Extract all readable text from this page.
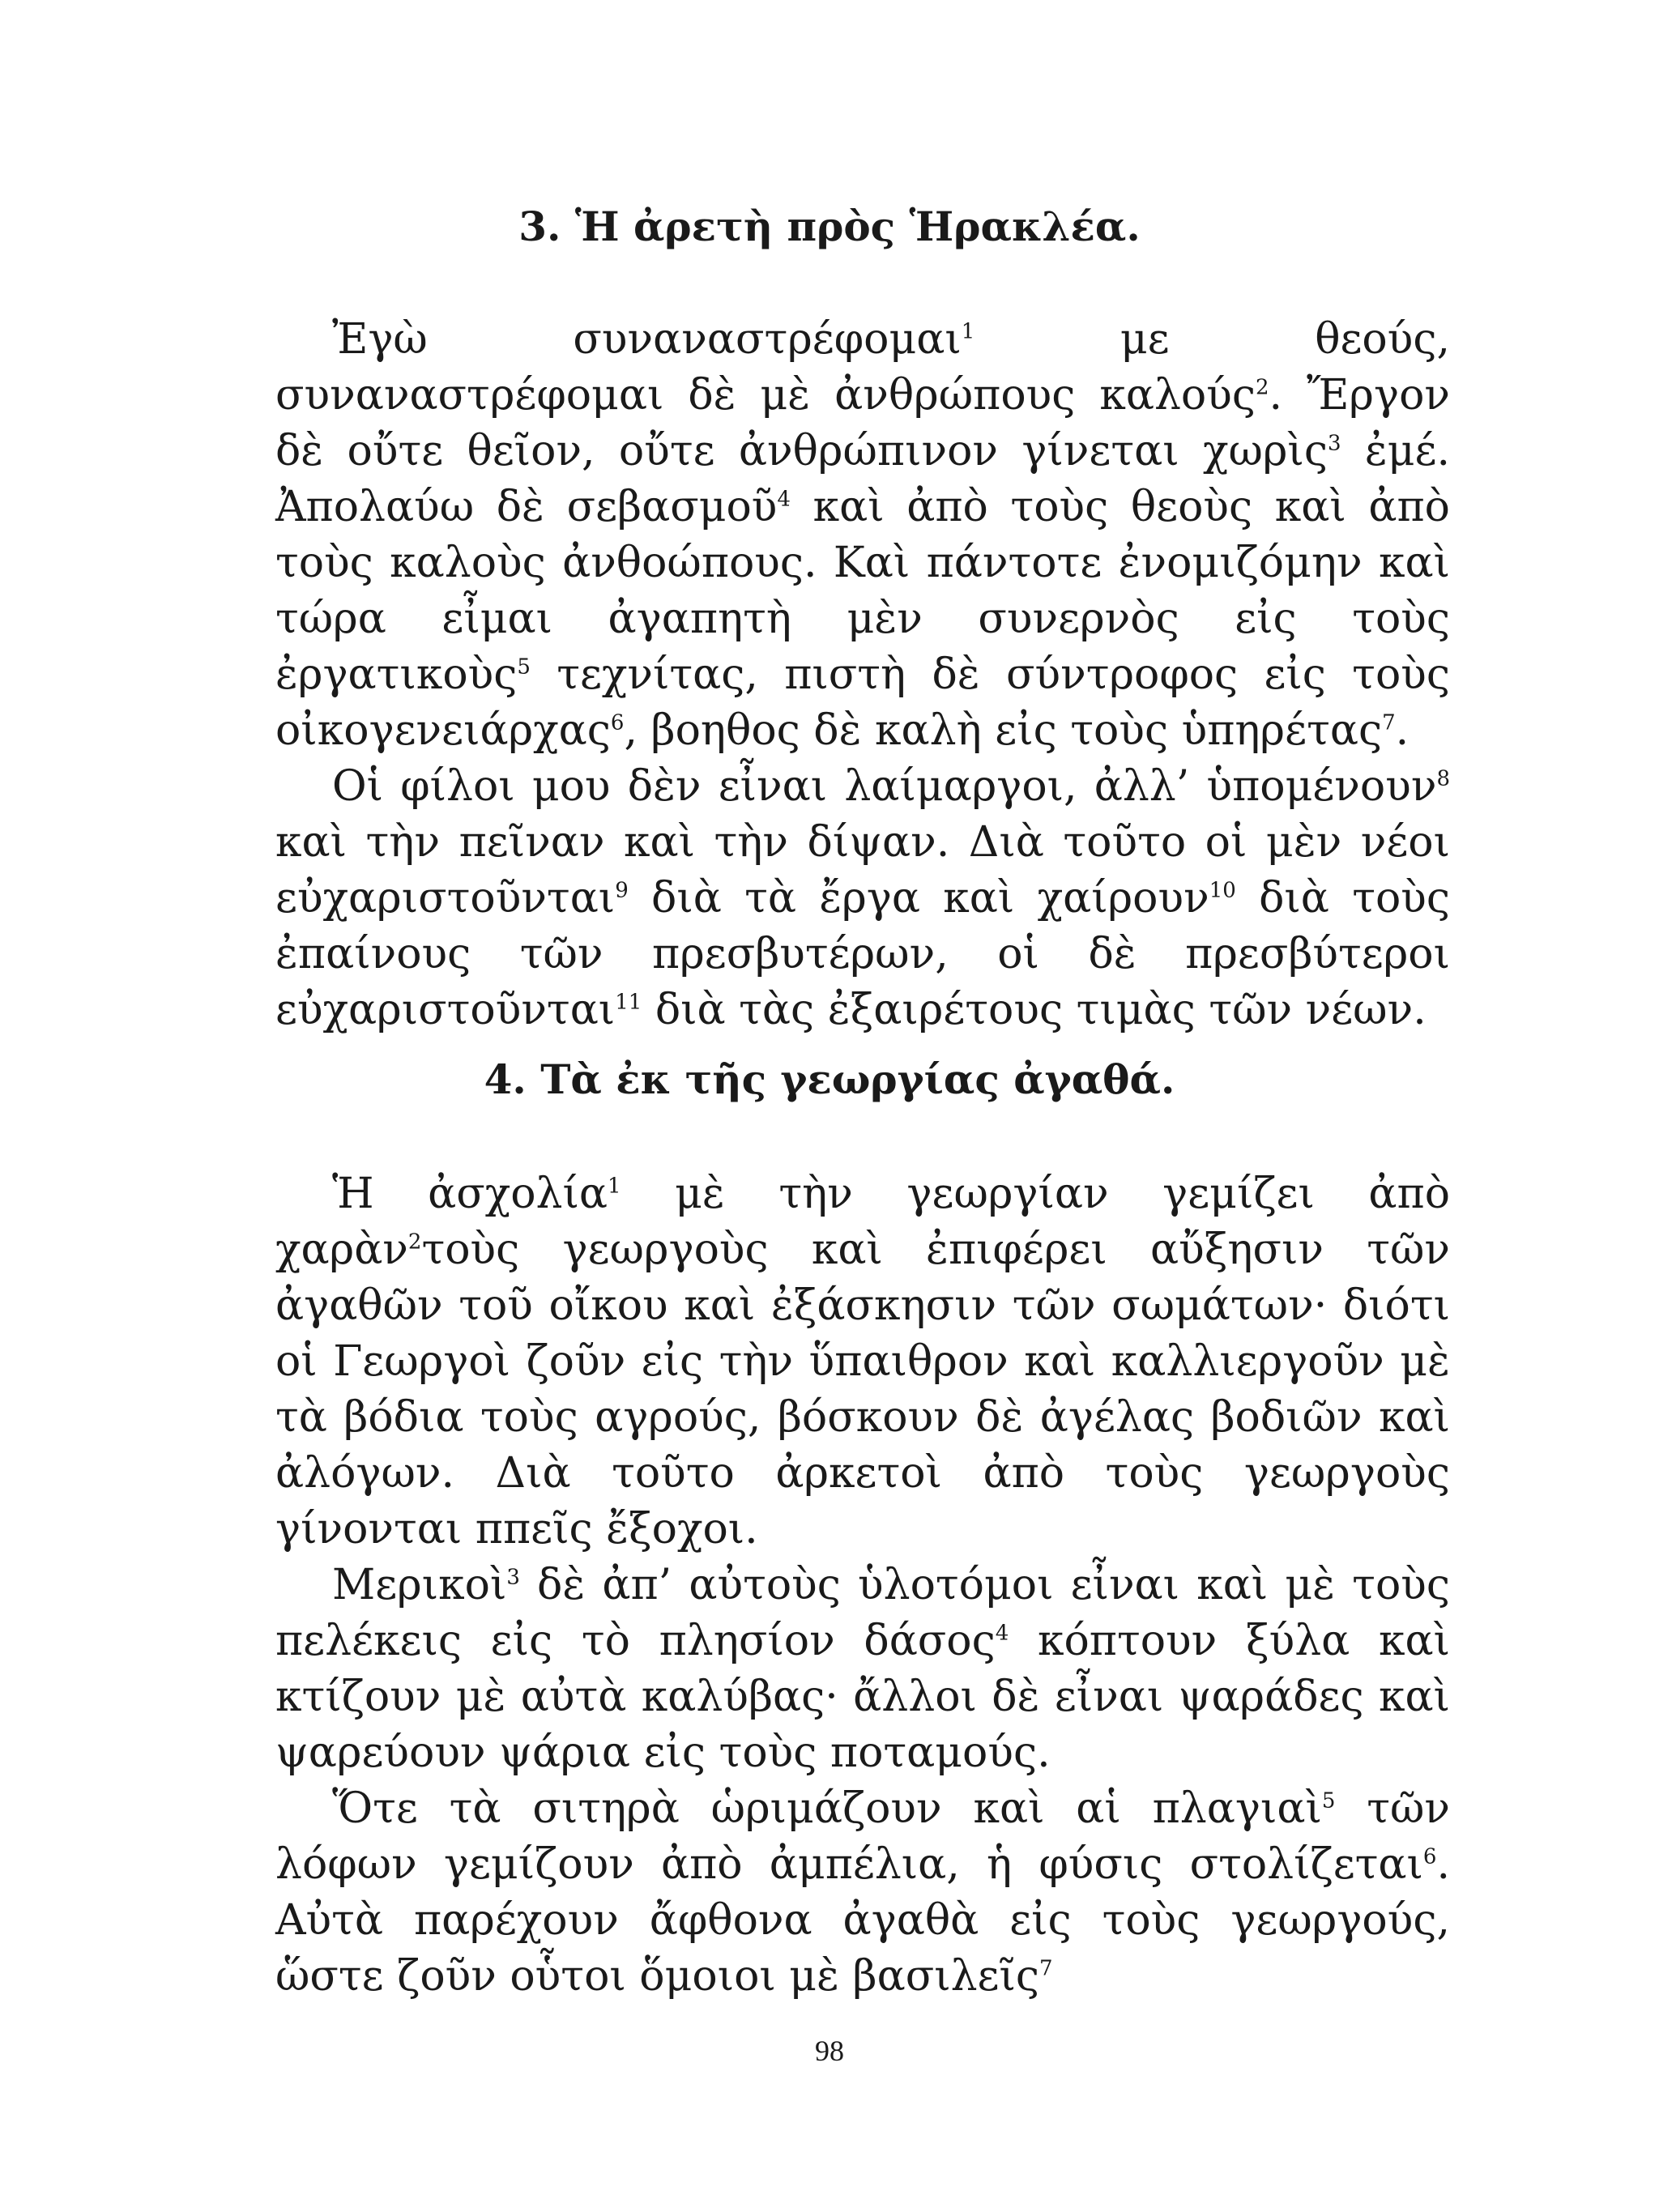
3. Ἡ ἀρετὴ πρὸς Ἡρακλέα.

Ἐγὼ συναναστρέφομαι$^1$ με θεούς, συναναστρέφομαι δὲ μὲ ἀνθρώπους καλούς$^2$. Ἔργον δὲ οὔτε θεῖον, οὔτε ἀνθρώπινον γίνεται χωρὶς$^3$ ἐμέ. Ἀπολαύω δὲ σεβασμοῦ$^4$ καὶ ἀπὸ τοὺς θεοὺς καὶ ἀπὸ τοὺς καλοὺς ἀνθοώπους. Καὶ πάντοτε ἐνομιζόμην καὶ τώρα εἶμαι ἀγαπητὴ μὲν συνερνὸς εἰς τοὺς ἐργατικοὺς$^5$ τεχνίτας, πιστὴ δὲ σύντροφος εἰς τοὺς οἰκογενειάρχας$^6$, βοηθος δὲ καλὴ εἰς τοὺς ὑπηρέτας$^7$.

Οἱ φίλοι μου δὲν εἶναι λαίμαργοι, ἀλλ’ ὑπομένουν$^8$ καὶ τὴν πεῖναν καὶ τὴν δίψαν. Διὰ τοῦτο οἱ μὲν νέοι εὐχαριστοῦνται$^9$ διὰ τὰ ἔργα καὶ χαίρουν$^{10}$ διὰ τοὺς ἐπαίνους τῶν πρεσβυτέρων, οἱ δὲ πρεσβύτεροι εὐχαριστοῦνται$^{11}$ διὰ τὰς ἐξαιρέτους τιμὰς τῶν νέων.

4. Τὰ ἐκ τῆς γεωργίας ἀγαθά.

Ἡ ἀσχολία$^1$ μὲ τὴν γεωργίαν γεμίζει ἀπὸ χαρὰν$^2$τοὺς γεωργοὺς καὶ ἐπιφέρει αὔξησιν τῶν ἀγαθῶν τοῦ οἴκου καὶ ἐξάσκησιν τῶν σωμάτων· διότι οἱ Γεωργοὶ ζοῦν εἰς τὴν ὕπαιθρον καὶ καλλιεργοῦν μὲ τὰ βόδια τοὺς αγρούς, βόσκουν δὲ ἀγέλας βοδιῶν καὶ ἀλόγων. Διὰ τοῦτο ἀρκετοὶ ἀπὸ τοὺς γεωργοὺς γίνονται ππεῖς ἔξοχοι.

Μερικοὶ$^3$ δὲ ἀπ’ αὐτοὺς ὑλοτόμοι εἶναι καὶ μὲ τοὺς πελέκεις εἰς τὸ πλησίον δάσος$^4$ κόπτουν ξύλα καὶ κτίζουν μὲ αὐτὰ καλύβας· ἄλλοι δὲ εἶναι ψαράδες καὶ ψαρεύουν ψάρια εἰς τοὺς ποταμούς.

Ὅτε τὰ σιτηρὰ ὡριμάζουν καὶ αἱ πλαγιαὶ$^5$ τῶν λόφων γεμίζουν ἀπὸ ἀμπέλια, ἡ φύσις στολίζεται$^6$. Αὐτὰ παρέχουν ἄφθονα ἀγαθὰ εἰς τοὺς γεωργούς, ὥστε ζοῦν οὗτοι ὅμοιοι μὲ βασιλεῖς$^7$

98
